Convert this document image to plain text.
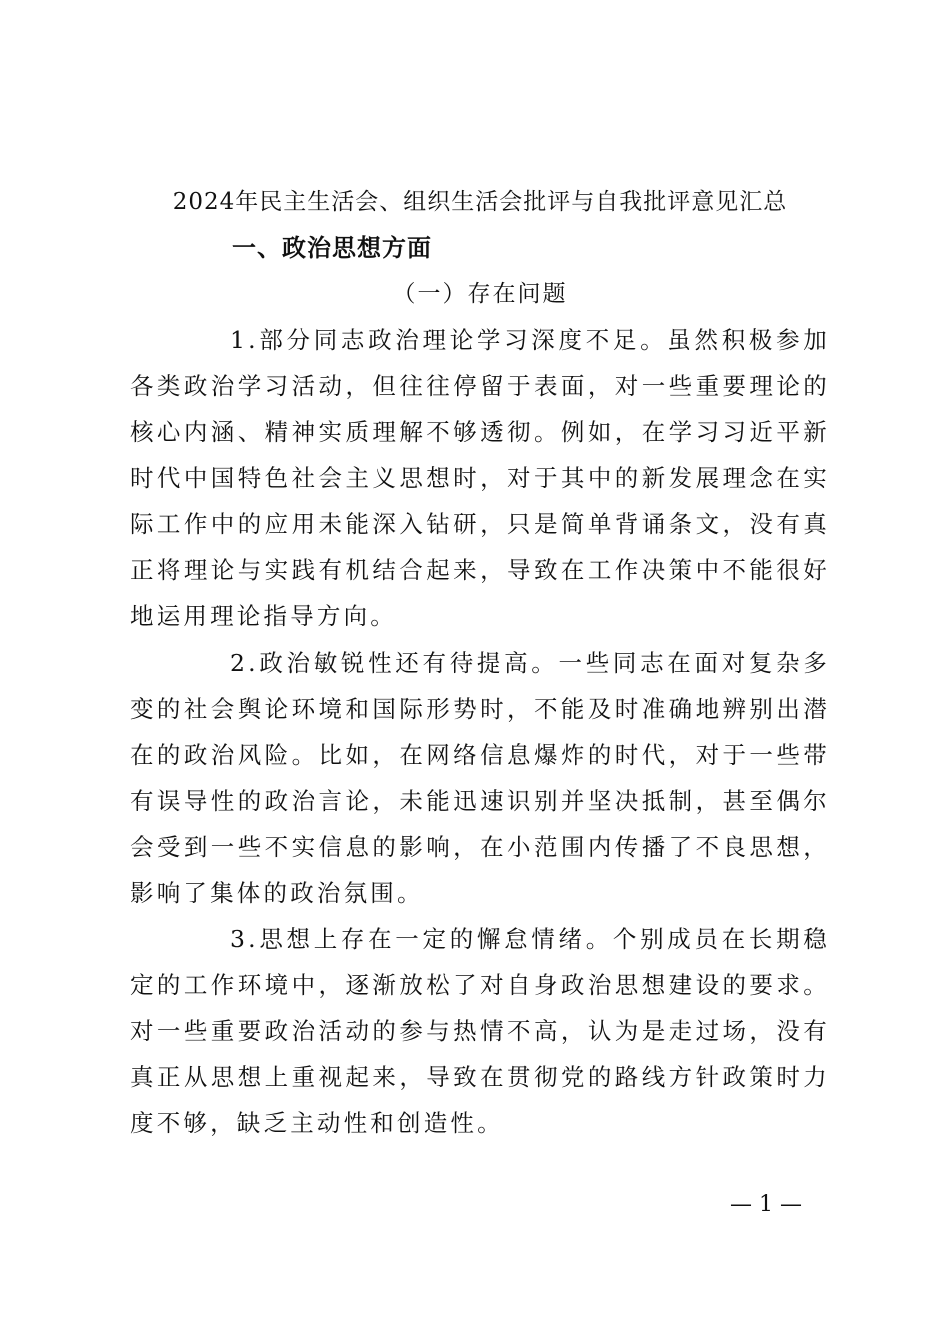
2024年民主生活会、组织生活会批评与自我批评意见汇总
一、政治思想方面
（一）存在问题

1.部分同志政治理论学习深度不足。虽然积极参加各类政治学习活动，但往往停留于表面，对一些重要理论的核心内涵、精神实质理解不够透彻。例如，在学习习近平新时代中国特色社会主义思想时，对于其中的新发展理念在实际工作中的应用未能深入钻研，只是简单背诵条文，没有真正将理论与实践有机结合起来，导致在工作决策中不能很好地运用理论指导方向。

2.政治敏锐性还有待提高。一些同志在面对复杂多变的社会舆论环境和国际形势时，不能及时准确地辨别出潜在的政治风险。比如，在网络信息爆炸的时代，对于一些带有误导性的政治言论，未能迅速识别并坚决抵制，甚至偶尔会受到一些不实信息的影响，在小范围内传播了不良思想，影响了集体的政治氛围。

3.思想上存在一定的懈怠情绪。个别成员在长期稳定的工作环境中，逐渐放松了对自身政治思想建设的要求。对一些重要政治活动的参与热情不高，认为是走过场，没有真正从思想上重视起来，导致在贯彻党的路线方针政策时力度不够，缺乏主动性和创造性。

— 1 —
